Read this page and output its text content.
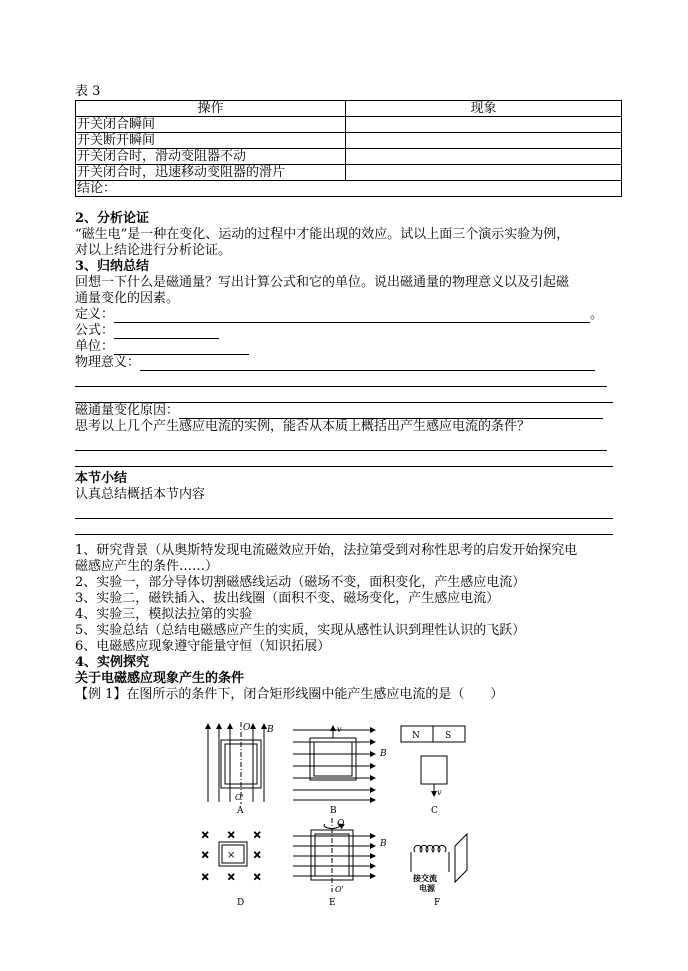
表 3
操作	现象
开关闭合瞬间	
开关断开瞬间	
开关闭合时，滑动变阻器不动	
开关闭合时，迅速移动变阻器的滑片	
结论：	
2、分析论证
“磁生电”是一种在变化、运动的过程中才能出现的效应。试以上面三个演示实验为例，
对以上结论进行分析论证。
3、归纳总结
回想一下什么是磁通量？写出计算公式和它的单位。说出磁通量的物理意义以及引起磁
通量变化的因素。
定义：	。
公式：
单位：
物理意义：
磁通量变化原因：
思考以上几个产生感应电流的实例，能否从本质上概括出产生感应电流的条件？
本节小结
认真总结概括本节内容
1、研究背景（从奥斯特发现电流磁效应开始，法拉第受到对称性思考的启发开始探究电
磁感应产生的条件……）
2、实验一，部分导体切割磁感线运动（磁场不变，面积变化，产生感应电流）
3、实验二，磁铁插入、拔出线圈（面积不变、磁场变化，产生感应电流）
4、实验三，模拟法拉第的实验
5、实验总结（总结电磁感应产生的实质，实现从感性认识到理性认识的飞跃）
6、电磁感应现象遵守能量守恒（知识拓展）
4、实例探究
关于电磁感应现象产生的条件
【例 1】在图所示的条件下，闭合矩形线圈中能产生感应电流的是（　　）
O B
O'
A
v
B
B
N	S
v
C
× × ×
×	×
× × ×
×
D
O
B
O'
E
接交流
电源
F
